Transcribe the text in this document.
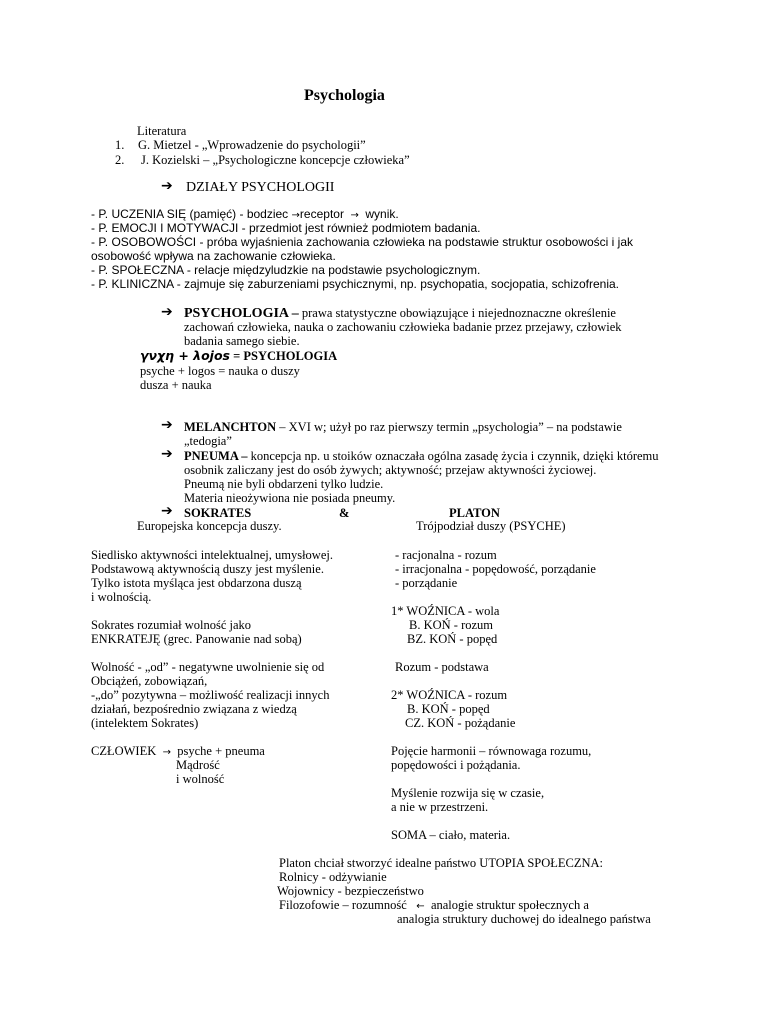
Psychologia
Literatura
1. G. Mietzel - „Wprowadzenie do psychologii”
2. J. Kozielski – „Psychologiczne koncepcje człowieka”
➔ DZIAŁY PSYCHOLOGII
- P. UCZENIA SIĘ (pamięć) - bodziec →receptor  →  wynik.
- P. EMOCJI I MOTYWACJI - przedmiot jest również podmiotem badania.
- P. OSOBOWOŚCI - próba wyjaśnienia zachowania człowieka na podstawie struktur osobowości i jak
osobowość wpływa na zachowanie człowieka.
- P. SPOŁECZNA - relacje międzyludzkie na podstawie psychologicznym.
- P. KLINICZNA - zajmuje się zaburzeniami psychicznymi, np. psychopatia, socjopatia, schizofrenia.
➔ PSYCHOLOGIA – prawa statystyczne obowiązujące i niejednoznaczne określenie
zachowań człowieka, nauka o zachowaniu człowieka badanie przez przejawy, człowiek
badania samego siebie.
γνχη + λojos = PSYCHOLOGIA
psyche + logos = nauka o duszy
dusza + nauka
➔ MELANCHTON – XVI w; użył po raz pierwszy termin „psychologia” – na podstawie
„tedogia”
➔ PNEUMA – koncepcja np. u stoików oznaczała ogólna zasadę życia i czynnik, dzięki któremu
osobnik zaliczany jest do osób żywych; aktywność; przejaw aktywności życiowej.
Pneumą nie byli obdarzeni tylko ludzie.
Materia nieożywiona nie posiada pneumy.
➔ SOKRATES	&	PLATON
Europejska koncepcja duszy.	Trójpodział duszy (PSYCHE)
Siedlisko aktywności intelektualnej, umysłowej.
Podstawową aktywnością duszy jest myślenie.
Tylko istota myśląca jest obdarzona duszą
i wolnością.
Sokrates rozumiał wolność jako
ENKRATEJĘ (grec. Panowanie nad sobą)
Wolność - „od” - negatywne uwolnienie się od
Obciążeń, zobowiązań,
-„do” pozytywna – możliwość realizacji innych
działań, bezpośrednio związana z wiedzą
(intelektem Sokrates)
CZŁOWIEK  →  psyche + pneuma
Mądrość
i wolność
- racjonalna - rozum
- irracjonalna - popędowość, porządanie
- porządanie
1* WOŹNICA - wola
B. KOŃ - rozum
BZ. KOŃ - popęd
Rozum - podstawa
2* WOŹNICA - rozum
B. KOŃ - popęd
CZ. KOŃ - pożądanie
Pojęcie harmonii – równowaga rozumu,
popędowości i pożądania.
Myślenie rozwija się w czasie,
a nie w przestrzeni.
SOMA – ciało, materia.
Platon chciał stworzyć idealne państwo UTOPIA SPOŁECZNA:
Rolnicy - odżywianie
Wojownicy - bezpieczeństwo
Filozofowie – rozumność   ←  analogie struktur społecznych a
analogia struktury duchowej do idealnego państwa
